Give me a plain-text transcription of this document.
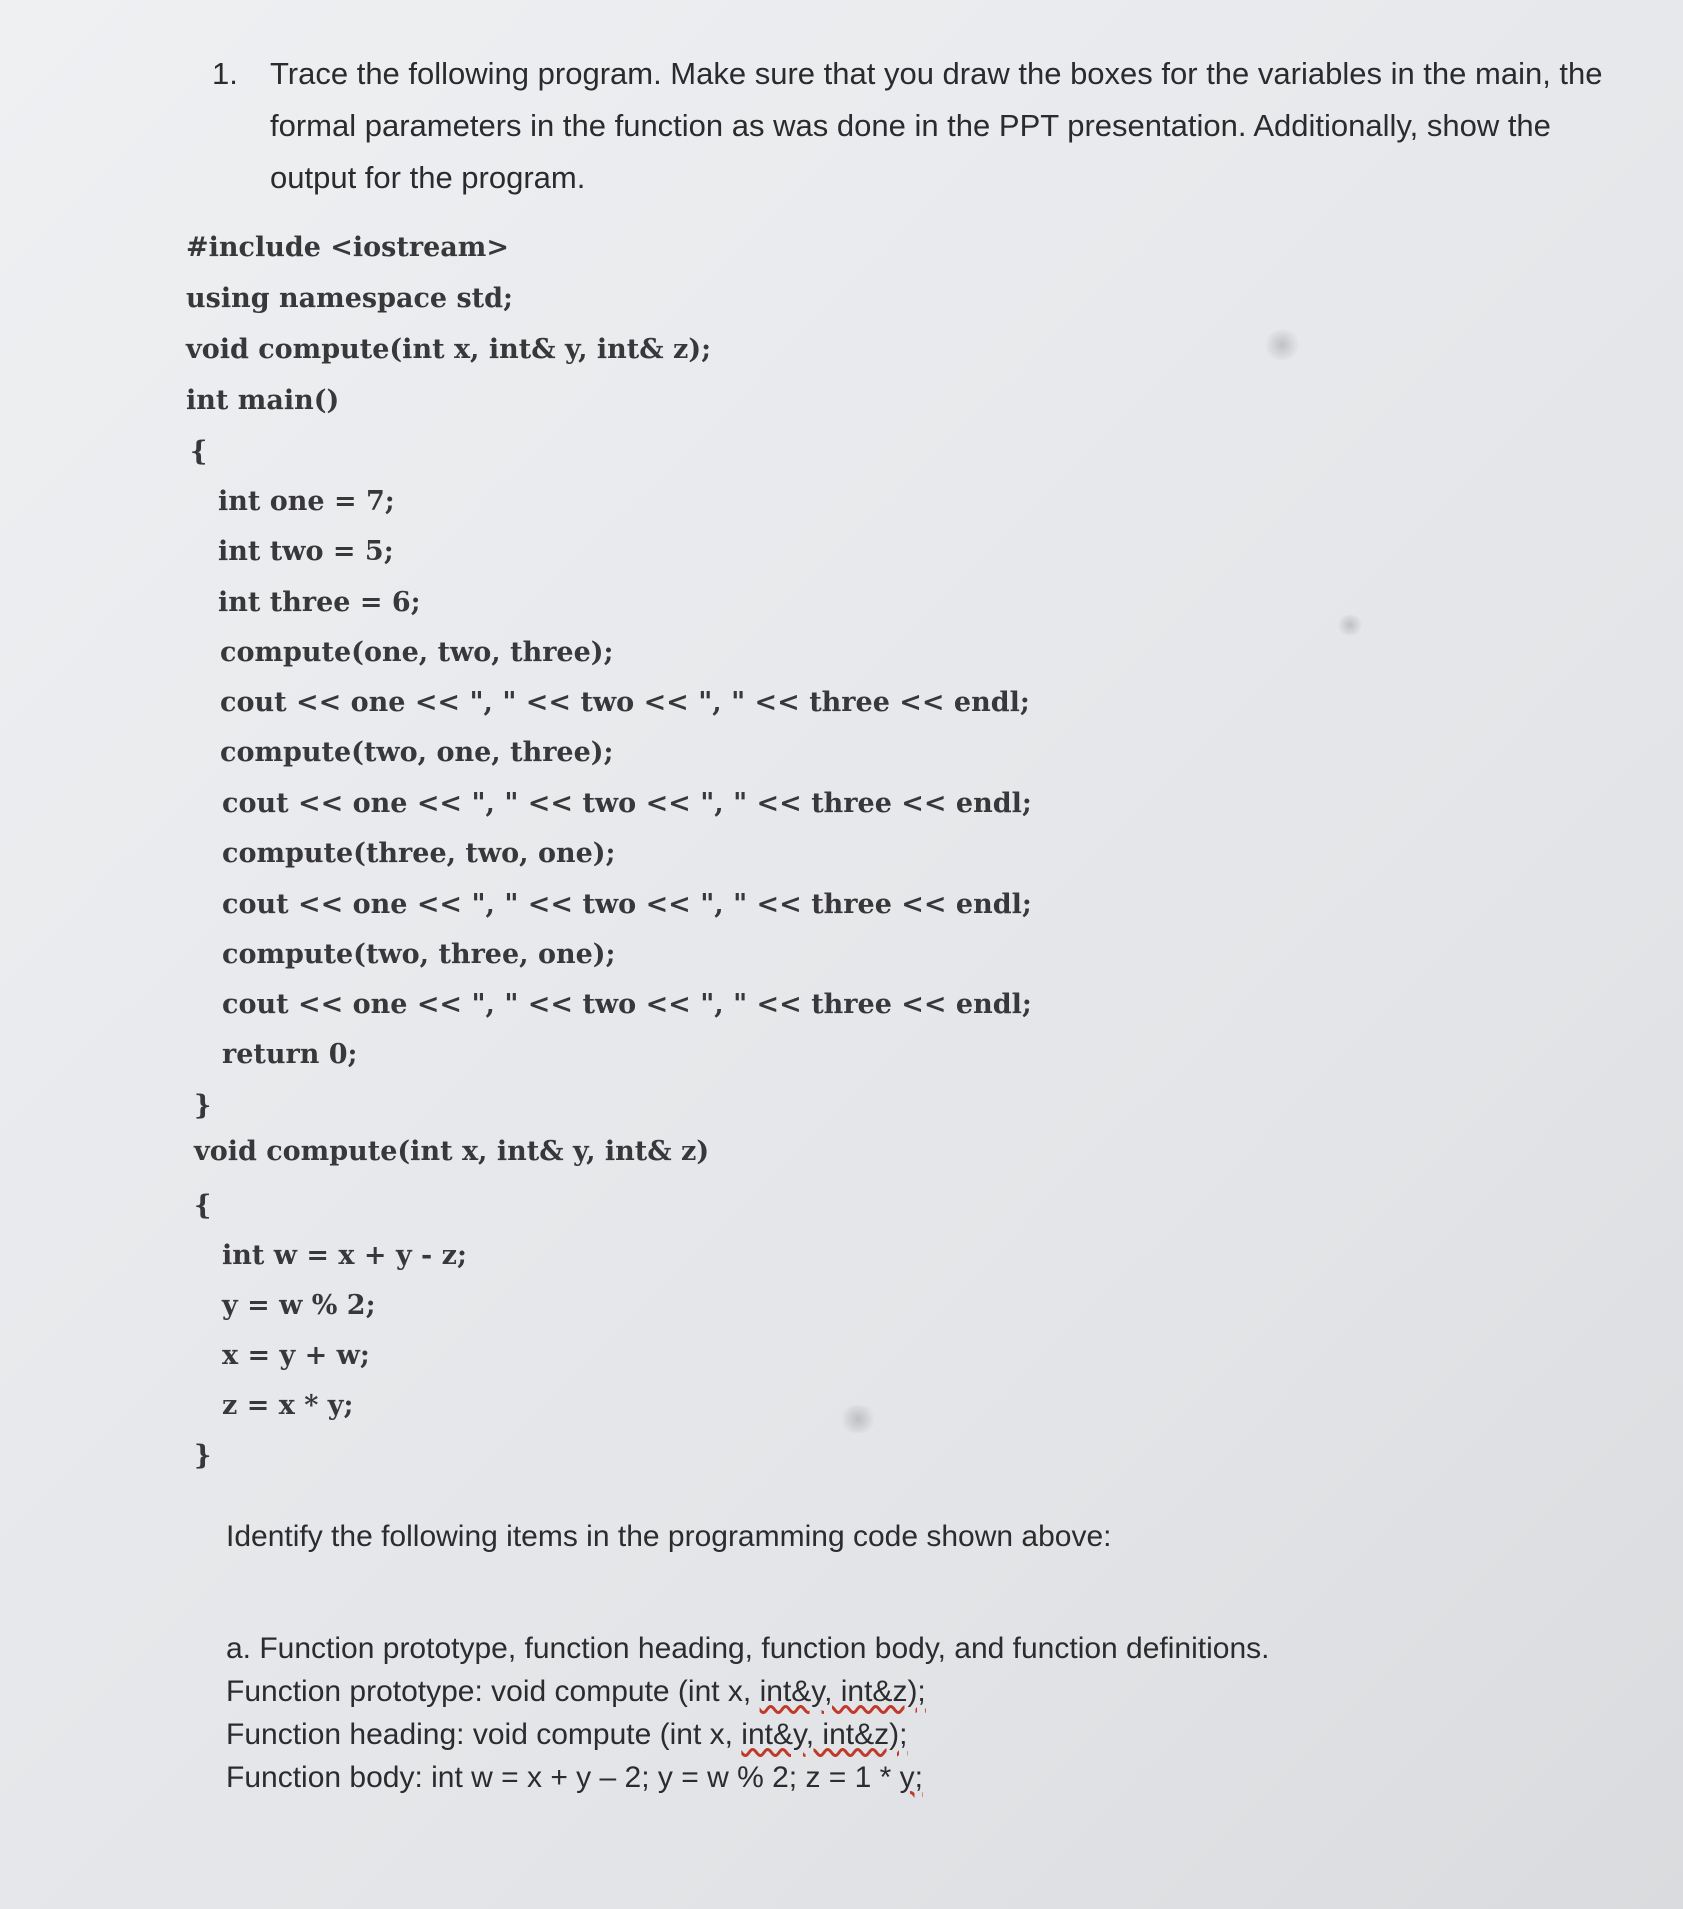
1. Trace the following program. Make sure that you draw the boxes for the variables in the main, the formal parameters in the function as was done in the PPT presentation. Additionally, show the output for the program.
#include <iostream>
using namespace std;
void compute(int x, int& y, int& z);
int main()
{
int one = 7;
int two = 5;
int three = 6;
compute(one, two, three);
cout << one << ", " << two << ", " << three << endl;
compute(two, one, three);
cout << one << ", " << two << ", " << three << endl;
compute(three, two, one);
cout << one << ", " << two << ", " << three << endl;
compute(two, three, one);
cout << one << ", " << two << ", " << three << endl;
return 0;
}
void compute(int x, int& y, int& z)
{
int w = x + y - z;
y = w % 2;
x = y + w;
z = x * y;
}
Identify the following items in the programming code shown above:
a. Function prototype, function heading, function body, and function definitions.
Function prototype: void compute (int x, int&y, int&z);
Function heading: void compute (int x, int&y, int&z);
Function body: int w = x + y – 2; y = w % 2; z = 1 * y;
